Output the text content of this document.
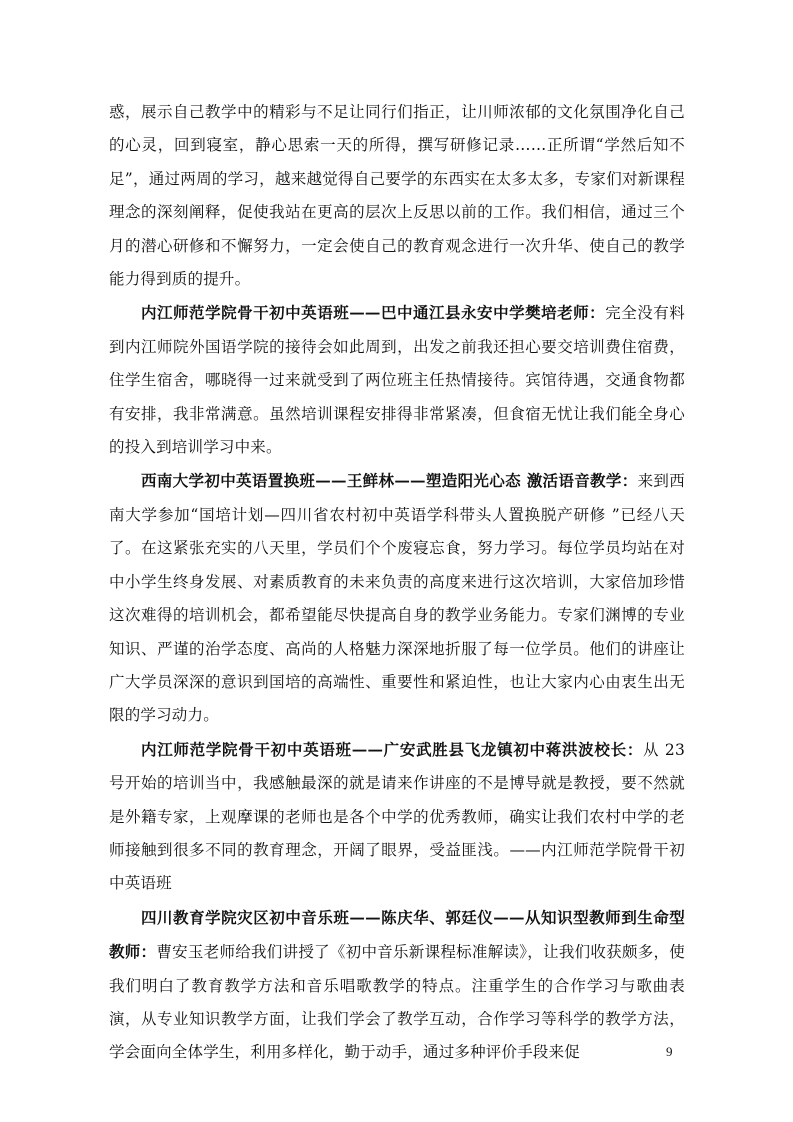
惑，展示自己教学中的精彩与不足让同行们指正，让川师浓郁的文化氛围净化自己的心灵，回到寝室，静心思索一天的所得，撰写研修记录……正所谓“学然后知不足”，通过两周的学习，越来越觉得自己要学的东西实在太多太多，专家们对新课程理念的深刻阐释，促使我站在更高的层次上反思以前的工作。我们相信，通过三个月的潜心研修和不懈努力，一定会使自己的教育观念进行一次升华、使自己的教学能力得到质的提升。

内江师范学院骨干初中英语班——巴中通江县永安中学樊培老师：完全没有料到内江师院外国语学院的接待会如此周到，出发之前我还担心要交培训费住宿费，住学生宿舍，哪晓得一过来就受到了两位班主任热情接待。宾馆待遇，交通食物都有安排，我非常满意。虽然培训课程安排得非常紧凑，但食宿无忧让我们能全身心的投入到培训学习中来。

西南大学初中英语置换班——王鲜林——塑造阳光心态 激活语音教学：来到西南大学参加“国培计划—四川省农村初中英语学科带头人置换脱产研修 ”已经八天了。在这紧张充实的八天里，学员们个个废寝忘食，努力学习。每位学员均站在对中小学生终身发展、对素质教育的未来负责的高度来进行这次培训，大家倍加珍惜这次难得的培训机会，都希望能尽快提高自身的教学业务能力。专家们渊博的专业知识、严谨的治学态度、高尚的人格魅力深深地折服了每一位学员。他们的讲座让广大学员深深的意识到国培的高端性、重要性和紧迫性，也让大家内心由衷生出无限的学习动力。

内江师范学院骨干初中英语班——广安武胜县飞龙镇初中蒋洪波校长：从 23 号开始的培训当中，我感触最深的就是请来作讲座的不是博导就是教授，要不然就是外籍专家，上观摩课的老师也是各个中学的优秀教师，确实让我们农村中学的老师接触到很多不同的教育理念，开阔了眼界，受益匪浅。——内江师范学院骨干初中英语班

四川教育学院灾区初中音乐班——陈庆华、郭廷仪——从知识型教师到生命型教师：曹安玉老师给我们讲授了《初中音乐新课程标准解读》，让我们收获颇多，使我们明白了教育教学方法和音乐唱歌教学的特点。注重学生的合作学习与歌曲表演，从专业知识教学方面，让我们学会了教学互动，合作学习等科学的教学方法，学会面向全体学生，利用多样化，勤于动手，通过多种评价手段来促	9
